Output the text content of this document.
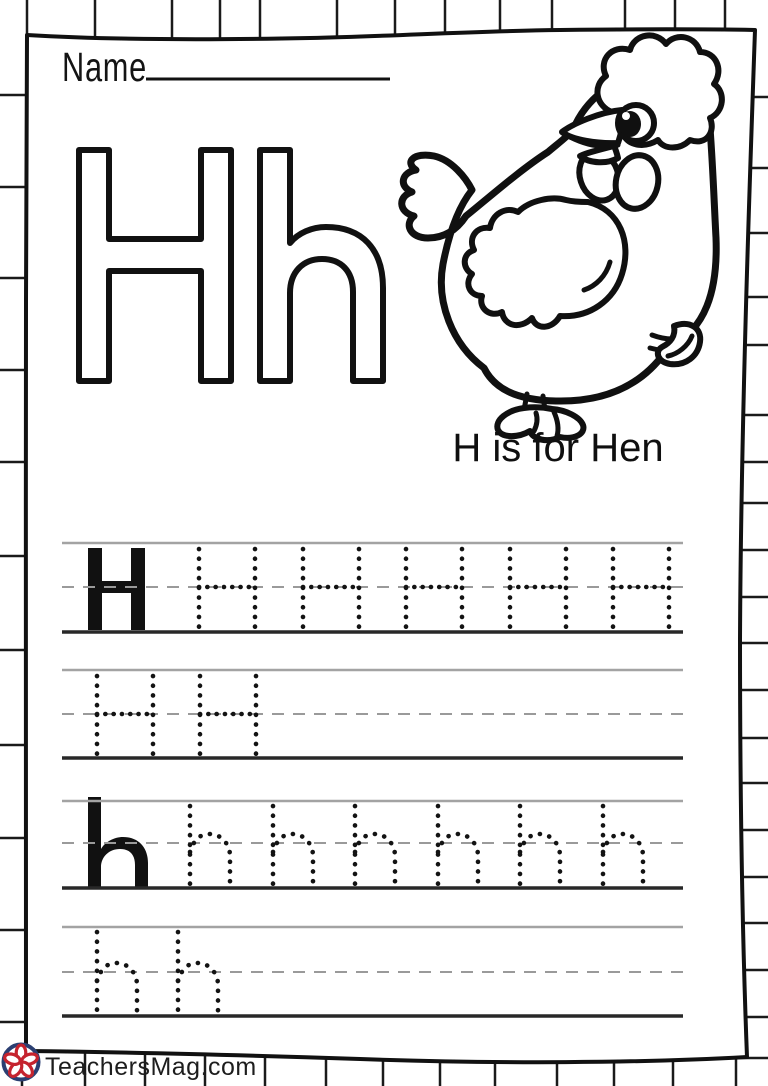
Name
H is for Hen
TeachersMag.com
